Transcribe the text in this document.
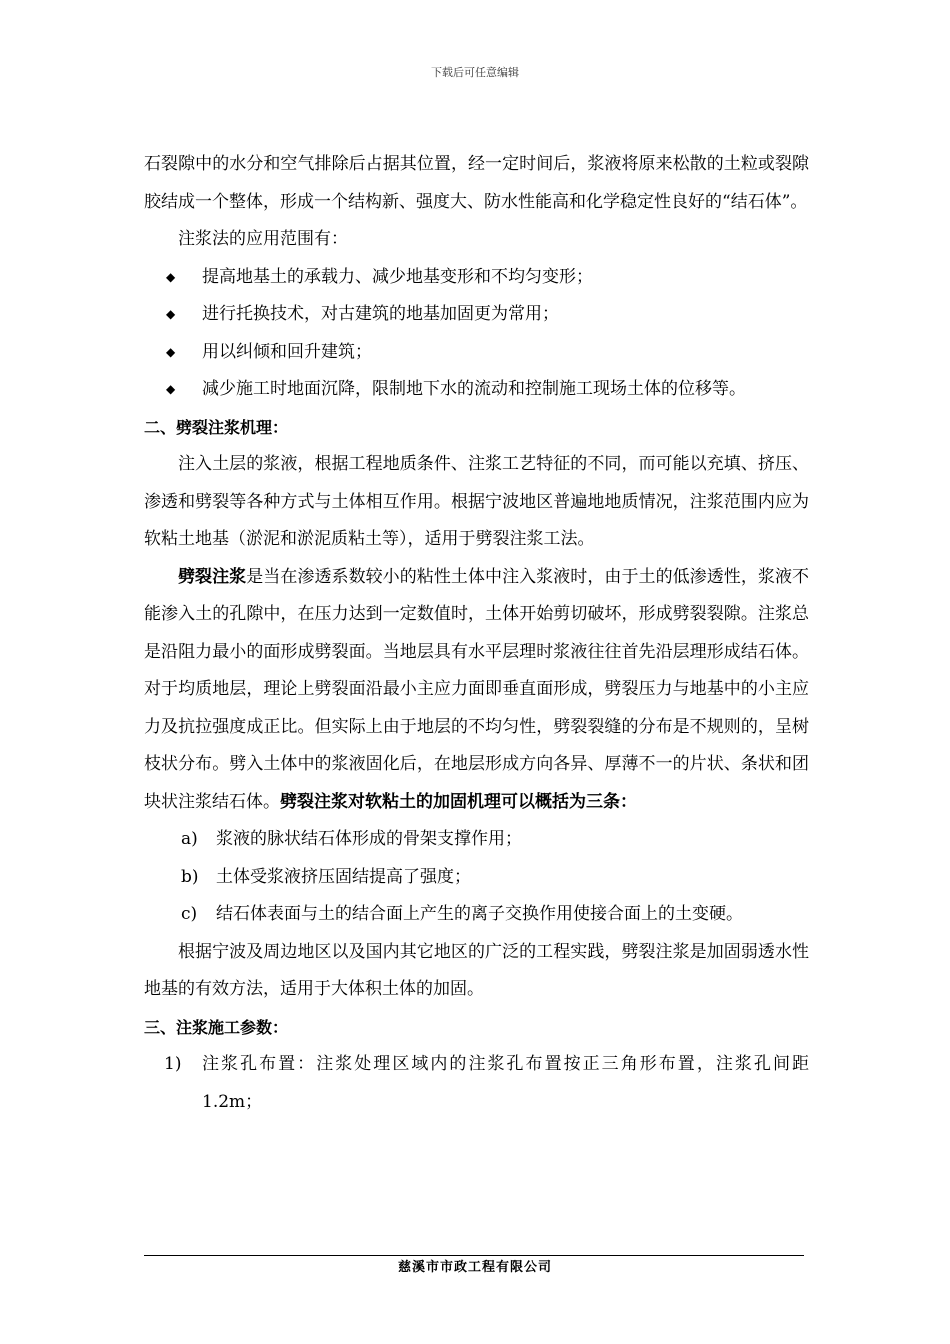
下载后可任意编辑

石裂隙中的水分和空气排除后占据其位置，经一定时间后，浆液将原来松散的土粒或裂隙胶结成一个整体，形成一个结构新、强度大、防水性能高和化学稳定性良好的“结石体”。

注浆法的应用范围有：

◆ 提高地基土的承载力、减少地基变形和不均匀变形；

◆ 进行托换技术，对古建筑的地基加固更为常用；

◆ 用以纠倾和回升建筑；

◆ 减少施工时地面沉降，限制地下水的流动和控制施工现场土体的位移等。

二、劈裂注浆机理：

注入土层的浆液，根据工程地质条件、注浆工艺特征的不同，而可能以充填、挤压、渗透和劈裂等各种方式与土体相互作用。根据宁波地区普遍地地质情况，注浆范围内应为软粘土地基（淤泥和淤泥质粘土等），适用于劈裂注浆工法。

劈裂注浆是当在渗透系数较小的粘性土体中注入浆液时，由于土的低渗透性，浆液不能渗入土的孔隙中，在压力达到一定数值时，土体开始剪切破坏，形成劈裂裂隙。注浆总是沿阻力最小的面形成劈裂面。当地层具有水平层理时浆液往往首先沿层理形成结石体。对于均质地层，理论上劈裂面沿最小主应力面即垂直面形成，劈裂压力与地基中的小主应力及抗拉强度成正比。但实际上由于地层的不均匀性，劈裂裂缝的分布是不规则的，呈树枝状分布。劈入土体中的浆液固化后，在地层形成方向各异、厚薄不一的片状、条状和团块状注浆结石体。劈裂注浆对软粘土的加固机理可以概括为三条：

a) 浆液的脉状结石体形成的骨架支撑作用；

b) 土体受浆液挤压固结提高了强度；

c) 结石体表面与土的结合面上产生的离子交换作用使接合面上的土变硬。

根据宁波及周边地区以及国内其它地区的广泛的工程实践，劈裂注浆是加固弱透水性地基的有效方法，适用于大体积土体的加固。

三、注浆施工参数：

1) 注浆孔布置：注浆处理区域内的注浆孔布置按正三角形布置，注浆孔间距 1.2m；

慈溪市市政工程有限公司
